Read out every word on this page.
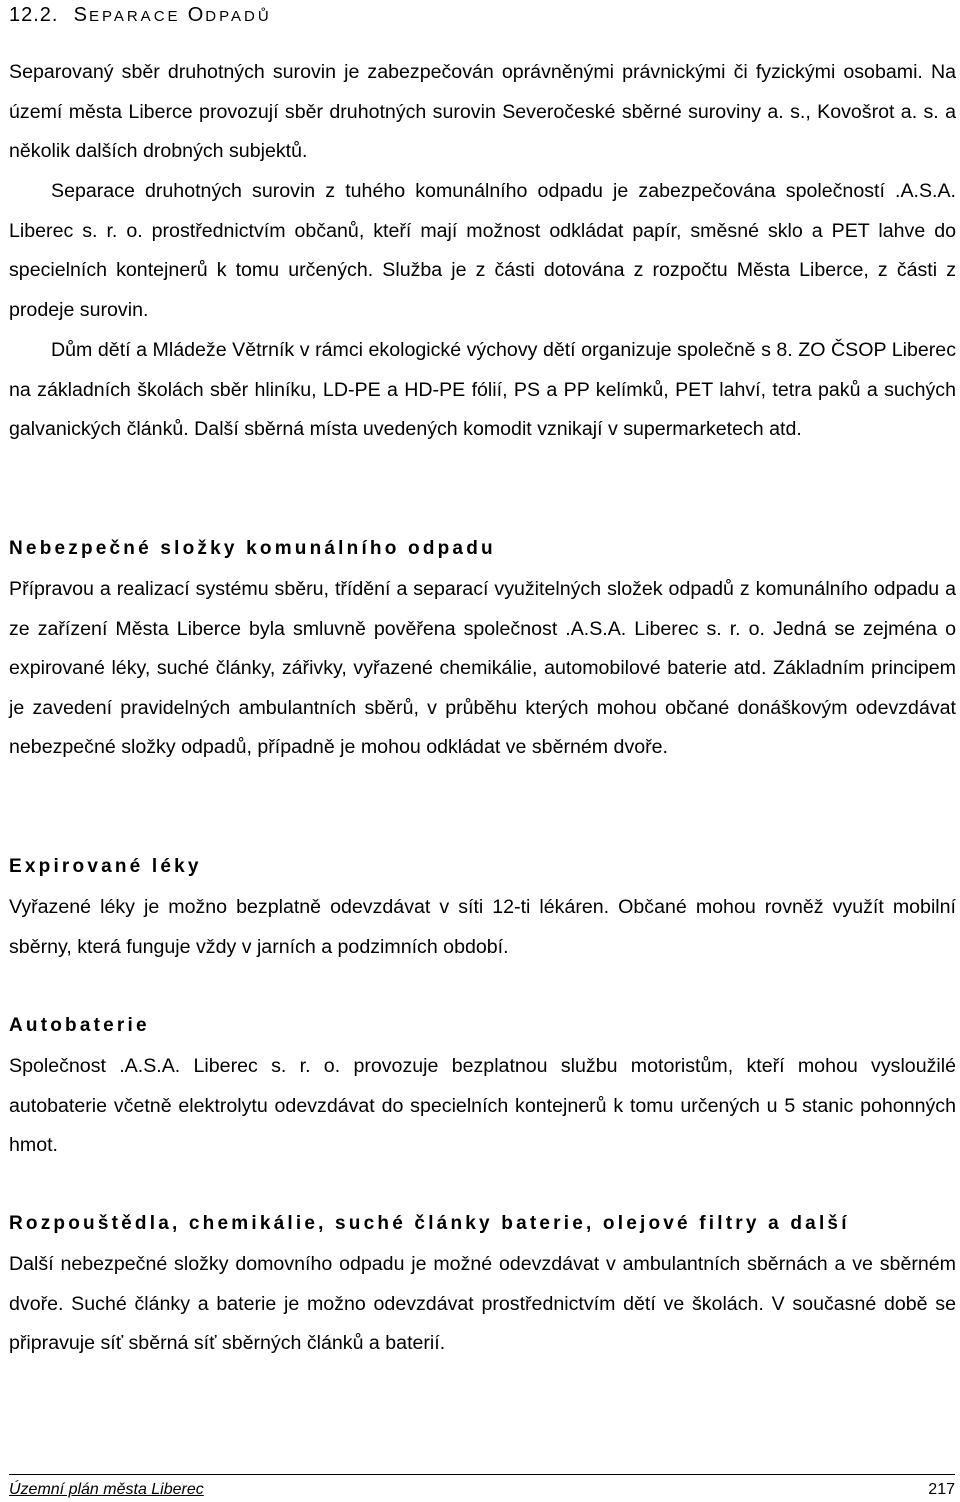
12.2. SEPARACE ODPADŮ

Separovaný sběr druhotných surovin je zabezpečován oprávněnými právnickými či fyzickými osobami. Na území města Liberce provozují sběr druhotných surovin Severočeské sběrné suroviny a. s., Kovošrot a. s. a několik dalších drobných subjektů.

Separace druhotných surovin z tuhého komunálního odpadu je zabezpečována společností .A.S.A. Liberec s. r. o. prostřednictvím občanů, kteří mají možnost odkládat papír, směsné sklo a PET lahve do specielních kontejnerů k tomu určených. Služba je z části dotována z rozpočtu Města Liberce, z části z prodeje surovin.

Dům dětí a Mládeže Větrník v rámci ekologické výchovy dětí organizuje společně s 8. ZO ČSOP Liberec na základních školách sběr hliníku, LD-PE a HD-PE fólií, PS a PP kelímků, PET lahví, tetra paků a suchých galvanických článků. Další sběrná místa uvedených komodit vznikají v supermarketech atd.

Nebezpečné složky komunálního odpadu

Přípravou a realizací systému sběru, třídění a separací využitelných složek odpadů z komunálního odpadu a ze zařízení Města Liberce byla smluvně pověřena společnost .A.S.A. Liberec s. r. o. Jedná se zejména o expirované léky, suché články, zářivky, vyřazené chemikálie, automobilové baterie atd. Základním principem je zavedení pravidelných ambulantních sběrů, v průběhu kterých mohou občané donáškovým odevzdávat nebezpečné složky odpadů, případně je mohou odkládat ve sběrném dvoře.

Expirované léky

Vyřazené léky je možno bezplatně odevzdávat v síti 12-ti lékáren. Občané mohou rovněž využít mobilní sběrny, která funguje vždy v jarních a podzimních období.

Autobaterie

Společnost .A.S.A. Liberec s. r. o. provozuje bezplatnou službu motoristům, kteří mohou vysloužilé autobaterie včetně elektrolytu odevzdávat do specielních kontejnerů k tomu určených u 5 stanic pohonných hmot.

Rozpouštědla, chemikálie, suché články baterie, olejové filtry a další

Další nebezpečné složky domovního odpadu je možné odevzdávat v ambulantních sběrnách a ve sběrném dvoře. Suché články a baterie je možno odevzdávat prostřednictvím dětí ve školách. V současné době se připravuje síť sběrná síť sběrných článků a baterií.

Územní plán města Liberec	217
